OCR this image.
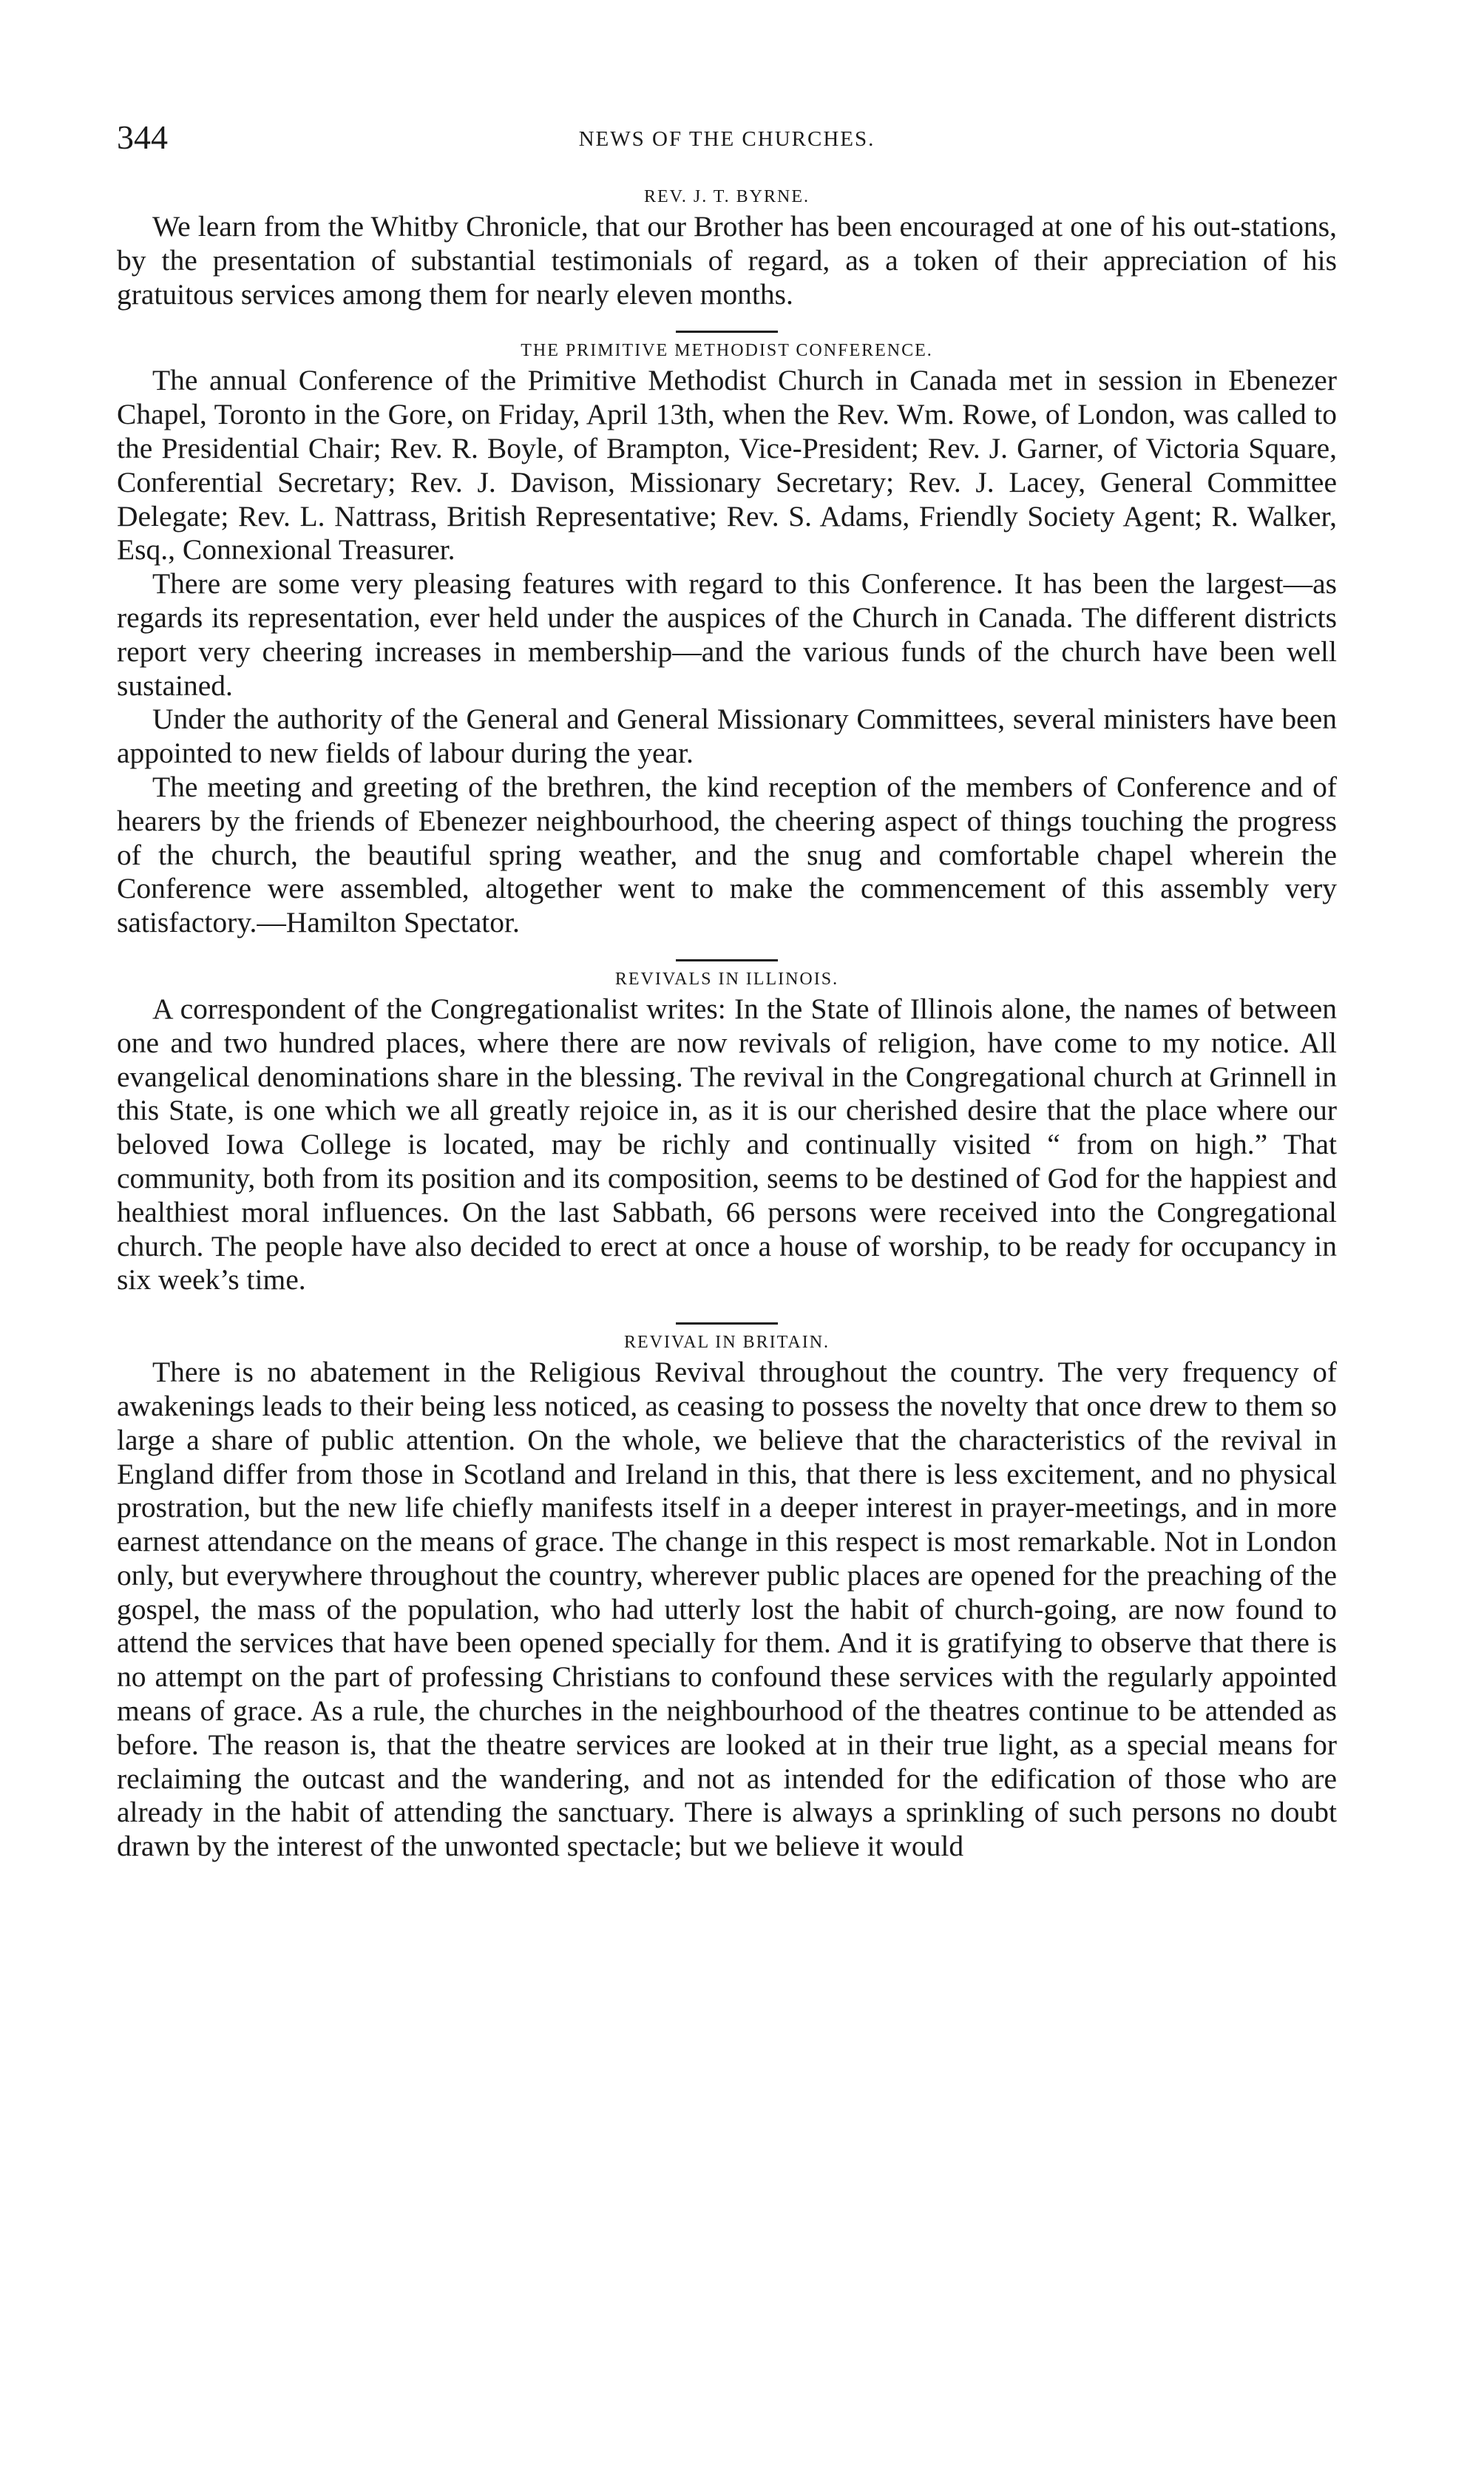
344	NEWS OF THE CHURCHES.
REV. J. T. BYRNE.

We learn from the Whitby Chronicle, that our Brother has been encouraged at one of his out-stations, by the presentation of substantial testimonials of regard, as a token of their appreciation of his gratuitous services among them for nearly eleven months.

THE PRIMITIVE METHODIST CONFERENCE.

The annual Conference of the Primitive Methodist Church in Canada met in session in Ebenezer Chapel, Toronto in the Gore, on Friday, April 13th, when the Rev. Wm. Rowe, of London, was called to the Presidential Chair; Rev. R. Boyle, of Brampton, Vice-President; Rev. J. Garner, of Victoria Square, Conferential Secretary; Rev. J. Davison, Missionary Secretary; Rev. J. Lacey, General Committee Delegate; Rev. L. Nattrass, British Representative; Rev. S. Adams, Friendly Society Agent; R. Walker, Esq., Connexional Treasurer.

There are some very pleasing features with regard to this Conference. It has been the largest—as regards its representation, ever held under the auspices of the Church in Canada. The different districts report very cheering increases in membership—and the various funds of the church have been well sustained.

Under the authority of the General and General Missionary Committees, several ministers have been appointed to new fields of labour during the year.

The meeting and greeting of the brethren, the kind reception of the members of Conference and of hearers by the friends of Ebenezer neighbourhood, the cheering aspect of things touching the progress of the church, the beautiful spring weather, and the snug and comfortable chapel wherein the Conference were assembled, altogether went to make the commencement of this assembly very satisfactory.—Hamilton Spectator.

REVIVALS IN ILLINOIS.

A correspondent of the Congregationalist writes: In the State of Illinois alone, the names of between one and two hundred places, where there are now revivals of religion, have come to my notice. All evangelical denominations share in the blessing. The revival in the Congregational church at Grinnell in this State, is one which we all greatly rejoice in, as it is our cherished desire that the place where our beloved Iowa College is located, may be richly and continually visited “ from on high.” That community, both from its position and its composition, seems to be destined of God for the happiest and healthiest moral influences. On the last Sabbath, 66 persons were received into the Congregational church. The people have also decided to erect at once a house of worship, to be ready for occupancy in six week’s time.

REVIVAL IN BRITAIN.

There is no abatement in the Religious Revival throughout the country. The very frequency of awakenings leads to their being less noticed, as ceasing to possess the novelty that once drew to them so large a share of public attention. On the whole, we believe that the characteristics of the revival in England differ from those in Scotland and Ireland in this, that there is less excitement, and no physical prostration, but the new life chiefly manifests itself in a deeper interest in prayer-meetings, and in more earnest attendance on the means of grace. The change in this respect is most remarkable. Not in London only, but everywhere throughout the country, wherever public places are opened for the preaching of the gospel, the mass of the population, who had utterly lost the habit of church-going, are now found to attend the services that have been opened specially for them. And it is gratifying to observe that there is no attempt on the part of professing Christians to confound these services with the regularly appointed means of grace. As a rule, the churches in the neighbourhood of the theatres continue to be attended as before. The reason is, that the theatre services are looked at in their true light, as a special means for reclaiming the outcast and the wandering, and not as intended for the edification of those who are already in the habit of attending the sanctuary. There is always a sprinkling of such persons no doubt drawn by the interest of the unwonted spectacle; but we believe it would
